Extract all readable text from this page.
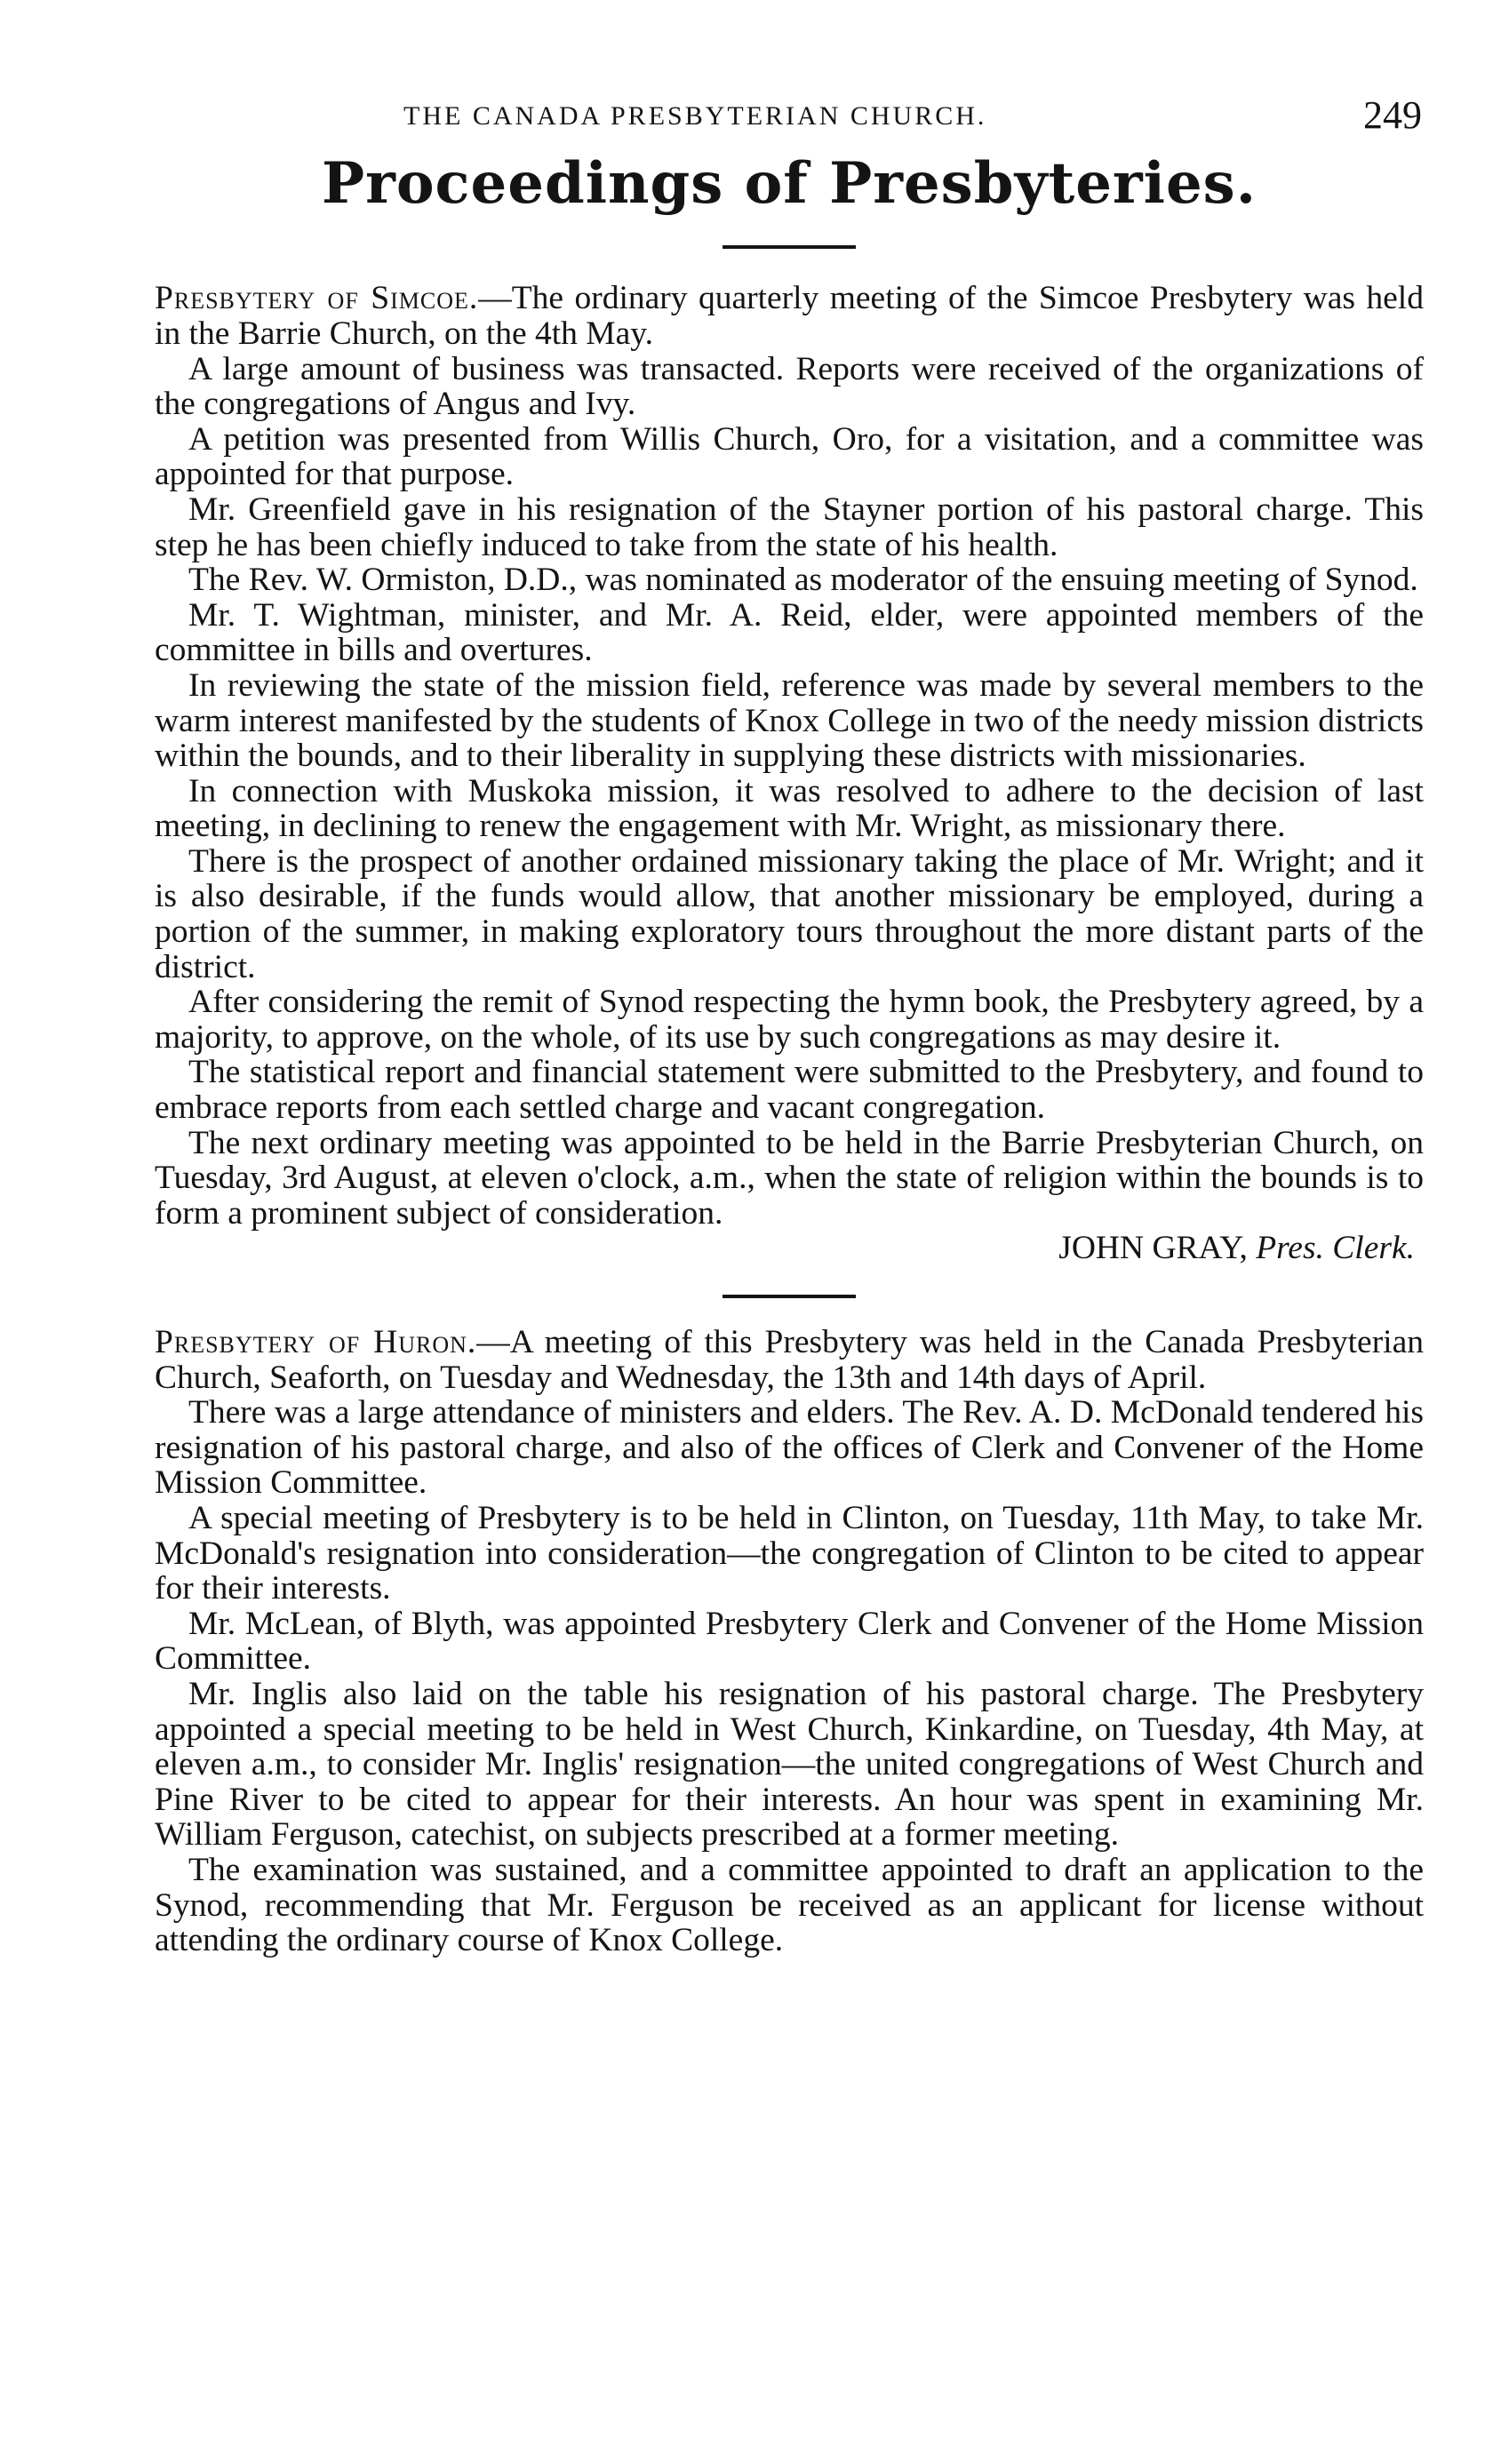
THE CANADA PRESBYTERIAN CHURCH.	249
Proceedings of Presbyteries.

Presbytery of Simcoe.—The ordinary quarterly meeting of the Simcoe Presbytery was held in the Barrie Church, on the 4th May.

A large amount of business was transacted. Reports were received of the organizations of the congregations of Angus and Ivy.

A petition was presented from Willis Church, Oro, for a visitation, and a committee was appointed for that purpose.

Mr. Greenfield gave in his resignation of the Stayner portion of his pastoral charge. This step he has been chiefly induced to take from the state of his health.

The Rev. W. Ormiston, D.D., was nominated as moderator of the ensuing meeting of Synod.

Mr. T. Wightman, minister, and Mr. A. Reid, elder, were appointed members of the committee in bills and overtures.

In reviewing the state of the mission field, reference was made by several members to the warm interest manifested by the students of Knox College in two of the needy mission districts within the bounds, and to their liberality in supplying these districts with missionaries.

In connection with Muskoka mission, it was resolved to adhere to the decision of last meeting, in declining to renew the engagement with Mr. Wright, as missionary there.

There is the prospect of another ordained missionary taking the place of Mr. Wright; and it is also desirable, if the funds would allow, that another missionary be employed, during a portion of the summer, in making exploratory tours throughout the more distant parts of the district.

After considering the remit of Synod respecting the hymn book, the Presbytery agreed, by a majority, to approve, on the whole, of its use by such congregations as may desire it.

The statistical report and financial statement were submitted to the Presbytery, and found to embrace reports from each settled charge and vacant congregation.

The next ordinary meeting was appointed to be held in the Barrie Presbyterian Church, on Tuesday, 3rd August, at eleven o'clock, a.m., when the state of religion within the bounds is to form a prominent subject of consideration.

JOHN GRAY, Pres. Clerk.

Presbytery of Huron.—A meeting of this Presbytery was held in the Canada Presbyterian Church, Seaforth, on Tuesday and Wednesday, the 13th and 14th days of April.

There was a large attendance of ministers and elders. The Rev. A. D. McDonald tendered his resignation of his pastoral charge, and also of the offices of Clerk and Convener of the Home Mission Committee.

A special meeting of Presbytery is to be held in Clinton, on Tuesday, 11th May, to take Mr. McDonald's resignation into consideration—the congregation of Clinton to be cited to appear for their interests.

Mr. McLean, of Blyth, was appointed Presbytery Clerk and Convener of the Home Mission Committee.

Mr. Inglis also laid on the table his resignation of his pastoral charge. The Presbytery appointed a special meeting to be held in West Church, Kinkardine, on Tuesday, 4th May, at eleven a.m., to consider Mr. Inglis' resignation—the united congregations of West Church and Pine River to be cited to appear for their interests. An hour was spent in examining Mr. William Ferguson, catechist, on subjects prescribed at a former meeting.

The examination was sustained, and a committee appointed to draft an application to the Synod, recommending that Mr. Ferguson be received as an applicant for license without attending the ordinary course of Knox College.
